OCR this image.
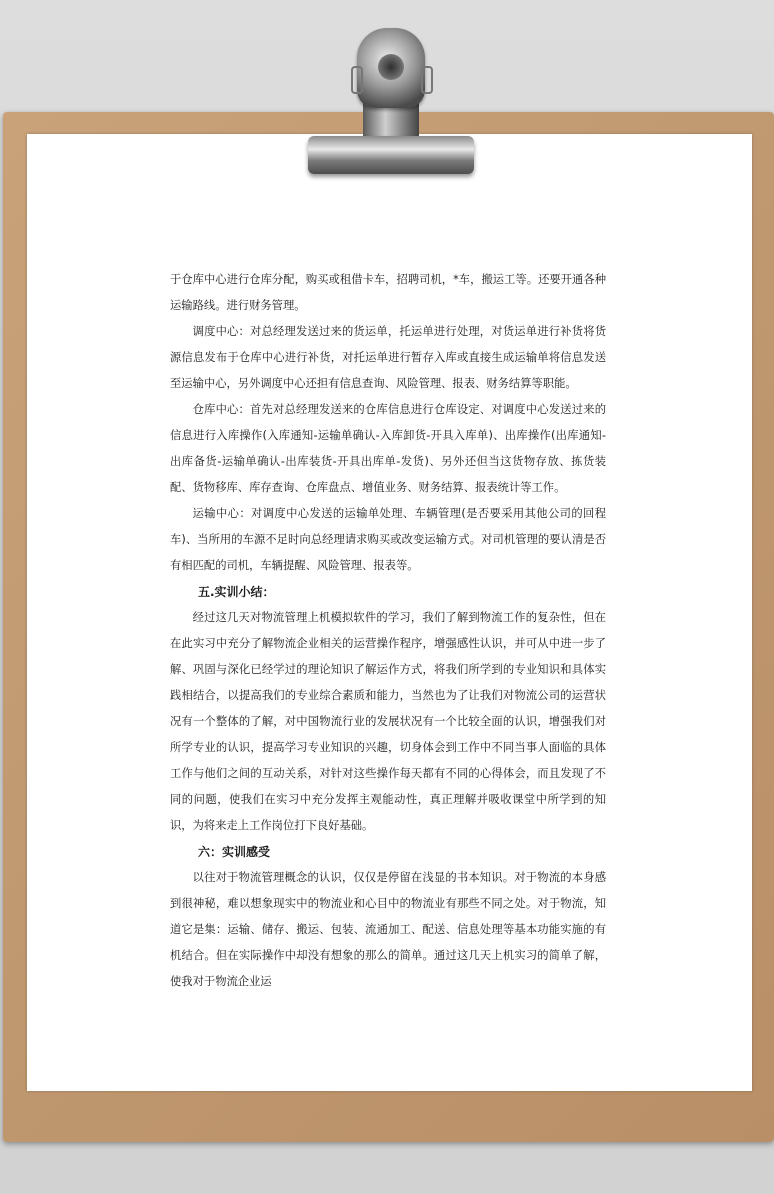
于仓库中心进行仓库分配，购买或租借卡车，招聘司机，*车，搬运工等。还要开通各种运输路线。进行财务管理。

调度中心：对总经理发送过来的货运单，托运单进行处理，对货运单进行补货将货源信息发布于仓库中心进行补货，对托运单进行暂存入库或直接生成运输单将信息发送至运输中心，另外调度中心还担有信息查询、风险管理、报表、财务结算等职能。

仓库中心：首先对总经理发送来的仓库信息进行仓库设定、对调度中心发送过来的信息进行入库操作(入库通知-运输单确认-入库卸货-开具入库单)、出库操作(出库通知-出库备货-运输单确认-出库装货-开具出库单-发货)、另外还但当这货物存放、拣货装配、货物移库、库存查询、仓库盘点、增值业务、财务结算、报表统计等工作。

运输中心：对调度中心发送的运输单处理、车辆管理(是否要采用其他公司的回程车)、当所用的车源不足时向总经理请求购买或改变运输方式。对司机管理的要认清是否有相匹配的司机，车辆提醒、风险管理、报表等。

五.实训小结：

经过这几天对物流管理上机模拟软件的学习，我们了解到物流工作的复杂性，但在在此实习中充分了解物流企业相关的运营操作程序，增强感性认识，并可从中进一步了解、巩固与深化已经学过的理论知识了解运作方式，将我们所学到的专业知识和具体实践相结合，以提高我们的专业综合素质和能力，当然也为了让我们对物流公司的运营状况有一个整体的了解，对中国物流行业的发展状况有一个比较全面的认识，增强我们对所学专业的认识，提高学习专业知识的兴趣，切身体会到工作中不同当事人面临的具体工作与他们之间的互动关系，对针对这些操作每天都有不同的心得体会，而且发现了不同的问题，使我们在实习中充分发挥主观能动性，真正理解并吸收课堂中所学到的知识，为将来走上工作岗位打下良好基础。

六：实训感受

以往对于物流管理概念的认识，仅仅是停留在浅显的书本知识。对于物流的本身感到很神秘，难以想象现实中的物流业和心目中的物流业有那些不同之处。对于物流，知道它是集：运输、储存、搬运、包装、流通加工、配送、信息处理等基本功能实施的有机结合。但在实际操作中却没有想象的那么的简单。通过这几天上机实习的简单了解，使我对于物流企业运
